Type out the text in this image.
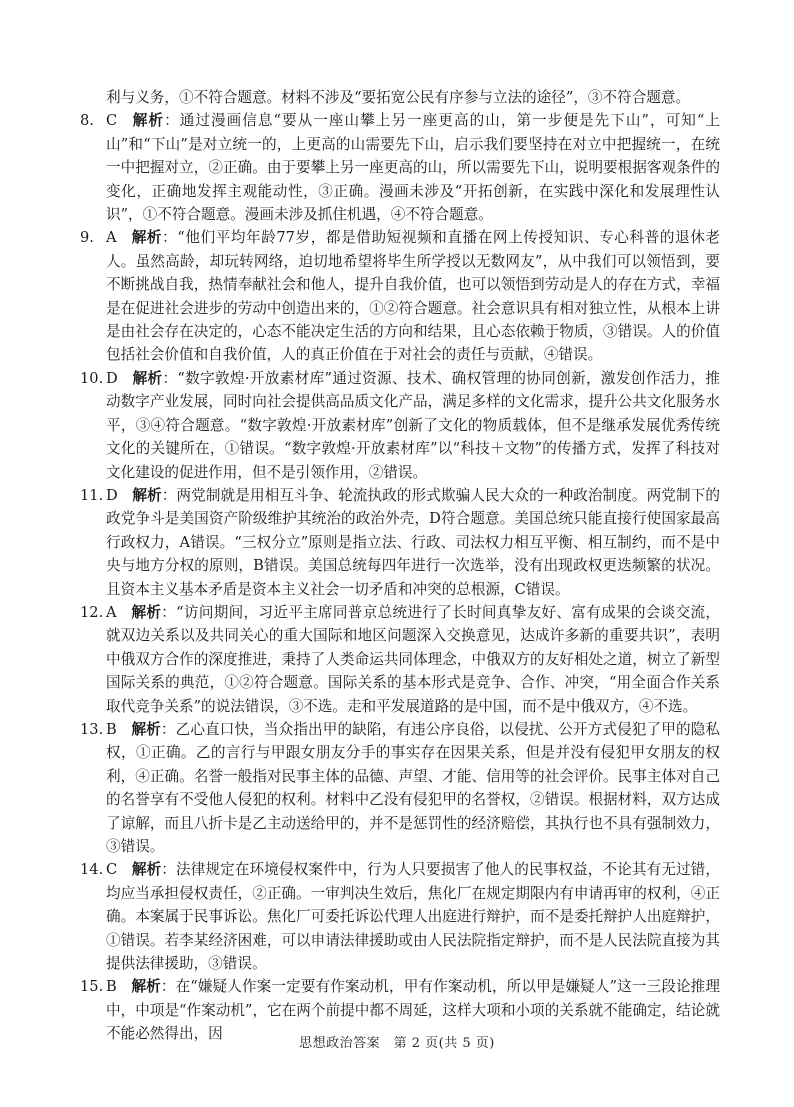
利与义务，①不符合题意。材料不涉及“要拓宽公民有序参与立法的途径”，③不符合题意。

8. C  解析：通过漫画信息“要从一座山攀上另一座更高的山，第一步便是先下山”，可知“上山”和“下山”是对立统一的，上更高的山需要先下山，启示我们要坚持在对立中把握统一，在统一中把握对立，②正确。由于要攀上另一座更高的山，所以需要先下山，说明要根据客观条件的变化，正确地发挥主观能动性，③正确。漫画未涉及“开拓创新，在实践中深化和发展理性认识”，①不符合题意。漫画未涉及抓住机遇，④不符合题意。

9. A  解析：“他们平均年龄77岁，都是借助短视频和直播在网上传授知识、专心科普的退休老人。虽然高龄，却玩转网络，迫切地希望将毕生所学授以无数网友”，从中我们可以领悟到，要不断挑战自我，热情奉献社会和他人，提升自我价值，也可以领悟到劳动是人的存在方式，幸福是在促进社会进步的劳动中创造出来的，①②符合题意。社会意识具有相对独立性，从根本上讲是由社会存在决定的，心态不能决定生活的方向和结果，且心态依赖于物质，③错误。人的价值包括社会价值和自我价值，人的真正价值在于对社会的责任与贡献，④错误。

10. D  解析：“数字敦煌·开放素材库”通过资源、技术、确权管理的协同创新，激发创作活力，推动数字产业发展，同时向社会提供高品质文化产品，满足多样的文化需求，提升公共文化服务水平，③④符合题意。“数字敦煌·开放素材库”创新了文化的物质载体，但不是继承发展优秀传统文化的关键所在，①错误。“数字敦煌·开放素材库”以“科技＋文物”的传播方式，发挥了科技对文化建设的促进作用，但不是引领作用，②错误。

11. D  解析：两党制就是用相互斗争、轮流执政的形式欺骗人民大众的一种政治制度。两党制下的政党争斗是美国资产阶级维护其统治的政治外壳，D符合题意。美国总统只能直接行使国家最高行政权力，A错误。“三权分立”原则是指立法、行政、司法权力相互平衡、相互制约，而不是中央与地方分权的原则，B错误。美国总统每四年进行一次选举，没有出现政权更迭频繁的状况。且资本主义基本矛盾是资本主义社会一切矛盾和冲突的总根源，C错误。

12. A  解析：“访问期间，习近平主席同普京总统进行了长时间真挚友好、富有成果的会谈交流，就双边关系以及共同关心的重大国际和地区问题深入交换意见，达成许多新的重要共识”，表明中俄双方合作的深度推进，秉持了人类命运共同体理念，中俄双方的友好相处之道，树立了新型国际关系的典范，①②符合题意。国际关系的基本形式是竞争、合作、冲突，“用全面合作关系取代竞争关系”的说法错误，③不选。走和平发展道路的是中国，而不是中俄双方，④不选。

13. B  解析：乙心直口快，当众指出甲的缺陷，有违公序良俗，以侵扰、公开方式侵犯了甲的隐私权，①正确。乙的言行与甲跟女朋友分手的事实存在因果关系，但是并没有侵犯甲女朋友的权利，④正确。名誉一般指对民事主体的品德、声望、才能、信用等的社会评价。民事主体对自己的名誉享有不受他人侵犯的权利。材料中乙没有侵犯甲的名誉权，②错误。根据材料，双方达成了谅解，而且八折卡是乙主动送给甲的，并不是惩罚性的经济赔偿，其执行也不具有强制效力，③错误。

14. C  解析：法律规定在环境侵权案件中，行为人只要损害了他人的民事权益，不论其有无过错，均应当承担侵权责任，②正确。一审判决生效后，焦化厂在规定期限内有申请再审的权利，④正确。本案属于民事诉讼。焦化厂可委托诉讼代理人出庭进行辩护，而不是委托辩护人出庭辩护，①错误。若李某经济困难，可以申请法律援助或由人民法院指定辩护，而不是人民法院直接为其提供法律援助，③错误。

15. B  解析：在“嫌疑人作案一定要有作案动机，甲有作案动机，所以甲是嫌疑人”这一三段论推理中，中项是“作案动机”，它在两个前提中都不周延，这样大项和小项的关系就不能确定，结论就不能必然得出，因

思想政治答案　第 2 页(共 5 页)
